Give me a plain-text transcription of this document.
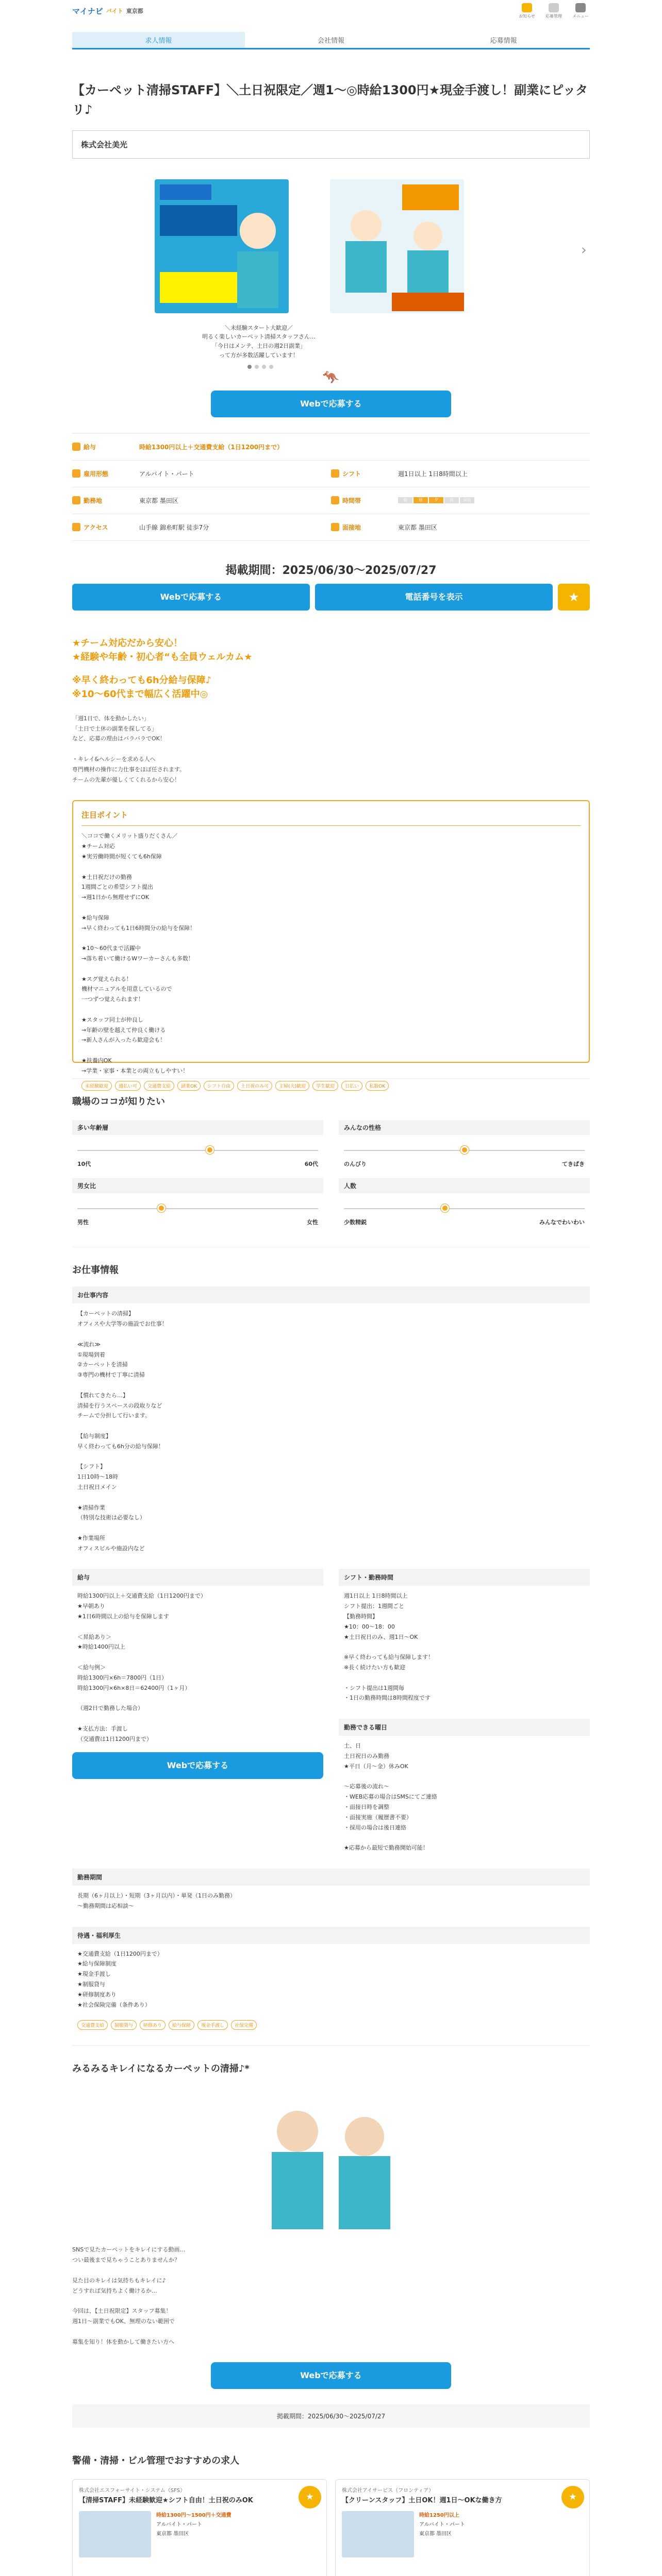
マイナビ バイト 東京都
お知らせ	応募管理	メニュー
求人情報	会社情報	応募情報
【カーペット清掃STAFF】＼土日祝限定／週1〜◎時給1300円★現金手渡し！副業にピッタリ♪
株式会社美光
›
＼未経験スタート大歓迎／
明るく楽しいカーペット清掃スタッフさん…
「今日はメンテ、土日の週2日副業」
って方が多数活躍しています！
🦘
Webで応募する
給与	時給1300円以上＋交通費支給（1日1200円まで）
雇用形態	アルバイト・パート	シフト	週1日以上 1日8時間以上
勤務地	東京都 墨田区	時間帯	朝	昼	夕	夜	深夜
アクセス	山手線 錦糸町駅 徒歩7分	面接地	東京都 墨田区
掲載期間：2025/06/30〜2025/07/27
Webで応募する	電話番号を表示	★
★チーム対応だから安心！
★経験や年齢・初心者“も全員ウェルカム★
※早く終わっても6h分給与保障♪
※10〜60代まで幅広く活躍中◎
「週1日で、体を動かしたい」
「土日で土休の副業を探してる」
など、応募の理由はバラバラでOK！

・キレイ&ヘルシーを求める人へ
専門機材の操作に力仕事をほぼ任されます。
チームの先輩が優しくてくれるから安心！
注目ポイント

＼ココで働くメリット盛りだくさん／
★チーム対応
★実労働時間が短くても6h保障

★土日祝だけの勤務
1週間ごとの希望シフト提出
→週1日から無理せずにOK

★給与保障
→早く終わっても1日6時間分の給与を保障！

★10〜60代まで活躍中
→落ち着いて働けるWワーカーさんも多数！

★スグ覚えられる！
機材マニュアルを用意しているので
一つずつ覚えられます！

★スタッフ同士が仲良し
→年齢の壁を越えて仲良く働ける
→新人さんが入ったら歓迎会も！

★扶養内OK
→学業・家事・本業との両立もしやすい！

未経験歓迎	週払い可	交通費支給	副業OK	シフト自由	土日祝のみ可	主婦(夫)歓迎	学生歓迎	日払い	私服OK
職場のココが知りたい
多い年齢層
10代	60代
みんなの性格
のんびり	てきぱき
男女比
男性	女性
人数
少数精鋭	みんなでわいわい
お仕事情報
お仕事内容
【カーペットの清掃】
オフィスや大学等の施設でお仕事！

≪流れ≫
①現場到着
②カーペットを清掃
③専門の機材で丁寧に清掃

【慣れてきたら…】
清掃を行うスペースの段取りなど
チームで分担して行います。

【給与制度】
早く終わっても6h分の給与保障！

【シフト】
1日10時〜18時
土日祝日メイン

★清掃作業
（特別な技術は必要なし）

★作業場所
オフィスビルや施設内など
給与
時給1300円以上＋交通費支給（1日1200円まで）
★早朝あり
★1日6時間以上の給与を保障します

＜昇給あり＞
★時給1400円以上

＜給与例＞
時給1300円×6h＝7800円（1日）
時給1300円×6h×8日＝62400円（1ヶ月）

（週2日で勤務した場合）

★支払方法：手渡し
（交通費は1日1200円まで）
Webで応募する
シフト・勤務時間
週1日以上 1日8時間以上
シフト提出：1週間ごと
【勤務時間】
★10：00〜18：00
★土日祝日のみ、週1日〜OK

※早く終わっても給与保障します！
※長く続けたい方も歓迎

・シフト提出は1週間毎
・1日の勤務時間は8時間程度です
勤務できる曜日
土、日
土日祝日のみ勤務
★平日（月〜金）休みOK

〜応募後の流れ〜
・WEB応募の場合はSMSにてご連絡
・面接日時を調整
・面接実施（履歴書不要）
・採用の場合は後日連絡

★応募から最短で勤務開始可能！
勤務期間
長期（6ヶ月以上）・短期（3ヶ月以内）・単発（1日のみ勤務）
〜勤務期間は応相談〜
待遇・福利厚生
★交通費支給（1日1200円まで）
★給与保障制度
★現金手渡し
★制服貸与
★研修制度あり
★社会保険完備（条件あり）
交通費支給	制服貸与	研修あり	給与保障	現金手渡し	社保完備
みるみるキレイになるカーペットの清掃♪*
SNSで見たカーペットをキレイにする動画…
つい最後まで見ちゃうことありませんか？

見た目のキレイは気持ちもキレイに♪
どうすれば気持ちよく働けるか…

今回は、【土日祝限定】スタッフ募集！
週1日〜副業でもOK、無理のない範囲で

募集を知り！体を動かして働きたい方へ
Webで応募する
掲載期間：2025/06/30〜2025/07/27
警備・清掃・ビル管理でおすすめの求人
株式会社エスフォーサイト・システム（SFS）
【清掃STAFF】未経験歓迎★シフト自由！土日祝のみOK	★
時給1300円〜1500円＋交通費
アルバイト・パート
東京都 墨田区
株式会社アイサービス（フロンティア）
【クリーンスタッフ】土日OK！週1日〜OKな働き方	★
時給1250円以上
アルバイト・パート
東京都 墨田区
